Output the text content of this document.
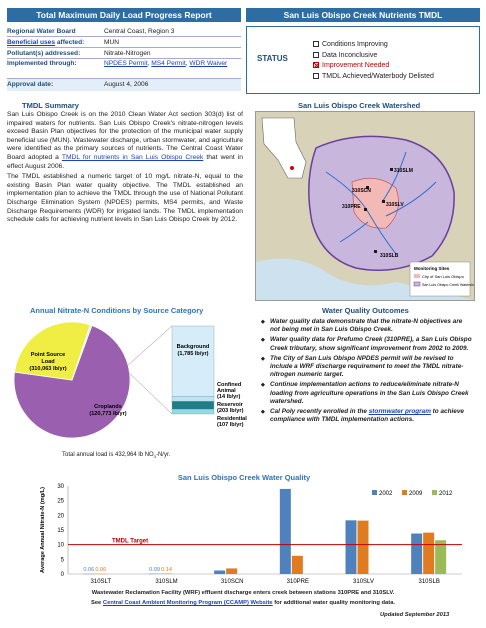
Total Maximum Daily Load Progress Report	San Luis Obispo Creek Nutrients TMDL
Regional Water Board	Central Coast, Region 3
Beneficial uses affected:	MUN
Pollutant(s) addressed:	Nitrate-Nitrogen
Implemented through:	NPDES Permit, MS4 Permit, WDR Waiver
Approval date:	August 4, 2006
STATUS
Conditions Improving
Data Inconclusive
Improvement Needed
TMDL Achieved/Waterbody Delisted
TMDL Summary

San Luis Obispo Creek is on the 2010 Clean Water Act section 303(d) list of impaired waters for nutrients. San Luis Obispo Creek's nitrate-nitrogen levels exceed Basin Plan objectives for the protection of the municipal water supply beneficial use (MUN). Wastewater discharge, urban stormwater, and agriculture were identified as the primary sources of nutrients. The Central Coast Water Board adopted a TMDL for nutrients in San Luis Obispo Creek that went in effect August 2006.

The TMDL established a numeric target of 10 mg/L nitrate-N, equal to the existing Basin Plan water quality objective. The TMDL established an implementation plan to achieve the TMDL through the use of National Pollutant Discharge Elimination System (NPDES) permits, MS4 permits, and Waste Discharge Requirements (WDR) for irrigated lands. The TMDL implementation schedule calls for achieving nutrient levels in San Luis Obispo Creek by 2012.

San Luis Obispo Creek Watershed
310SLB
310PRE	310SLV
310SCN
310SLM
Monitoring Sites
City of San Luis Obispo
San Luis Obispo Creek Watershed
Annual Nitrate-N Conditions by Source Category
Point Source
Load
(310,063 lb/yr)
Croplands
(120,773 lb/yr)
Background
(1,785 lb/yr)
Confined
Animal
(14 lb/yr)
Reservoir
(203 lb/yr)
Residential
(107 lb/yr)
Total annual load is 432,964 lb $NO_3-N/yr$.
Water Quality Outcomes
◆ Water quality data demonstrate that the nitrate-N objectives are not being met in San Luis Obispo Creek.
◆ Water quality data for Prefumo Creek (310PRE), a San Luis Obispo Creek tributary, show significant improvement from 2002 to 2009.
◆ The City of San Luis Obispo NPDES permit will be revised to include a WRF discharge requirement to meet the TMDL nitrate-nitrogen numeric target.
◆ Continue implementation actions to reduce/eliminate nitrate-N loading from agriculture operations in the San Luis Obispo Creek watershed.
◆ Cal Poly recently enrolled in the stormwater program to achieve compliance with TMDL implementation actions.
San Luis Obispo Creek Water Quality
0
5
10
15
20
25
30
Average Annual Nitrate-N (mg/L)
310SLT
0.06 0.06
310SLM
0.09 0.14
310SCN	310PRE	310SLV	310SLB
TMDL Target
2002	2009	2012
Wastewater Reclamation Facility (WRF) effluent discharge enters creek between stations 310PRE and 310SLV.
See Central Coast Ambient Monitoring Program (CCAMP) Website for additional water quality monitoring data.
Updated September 2013
